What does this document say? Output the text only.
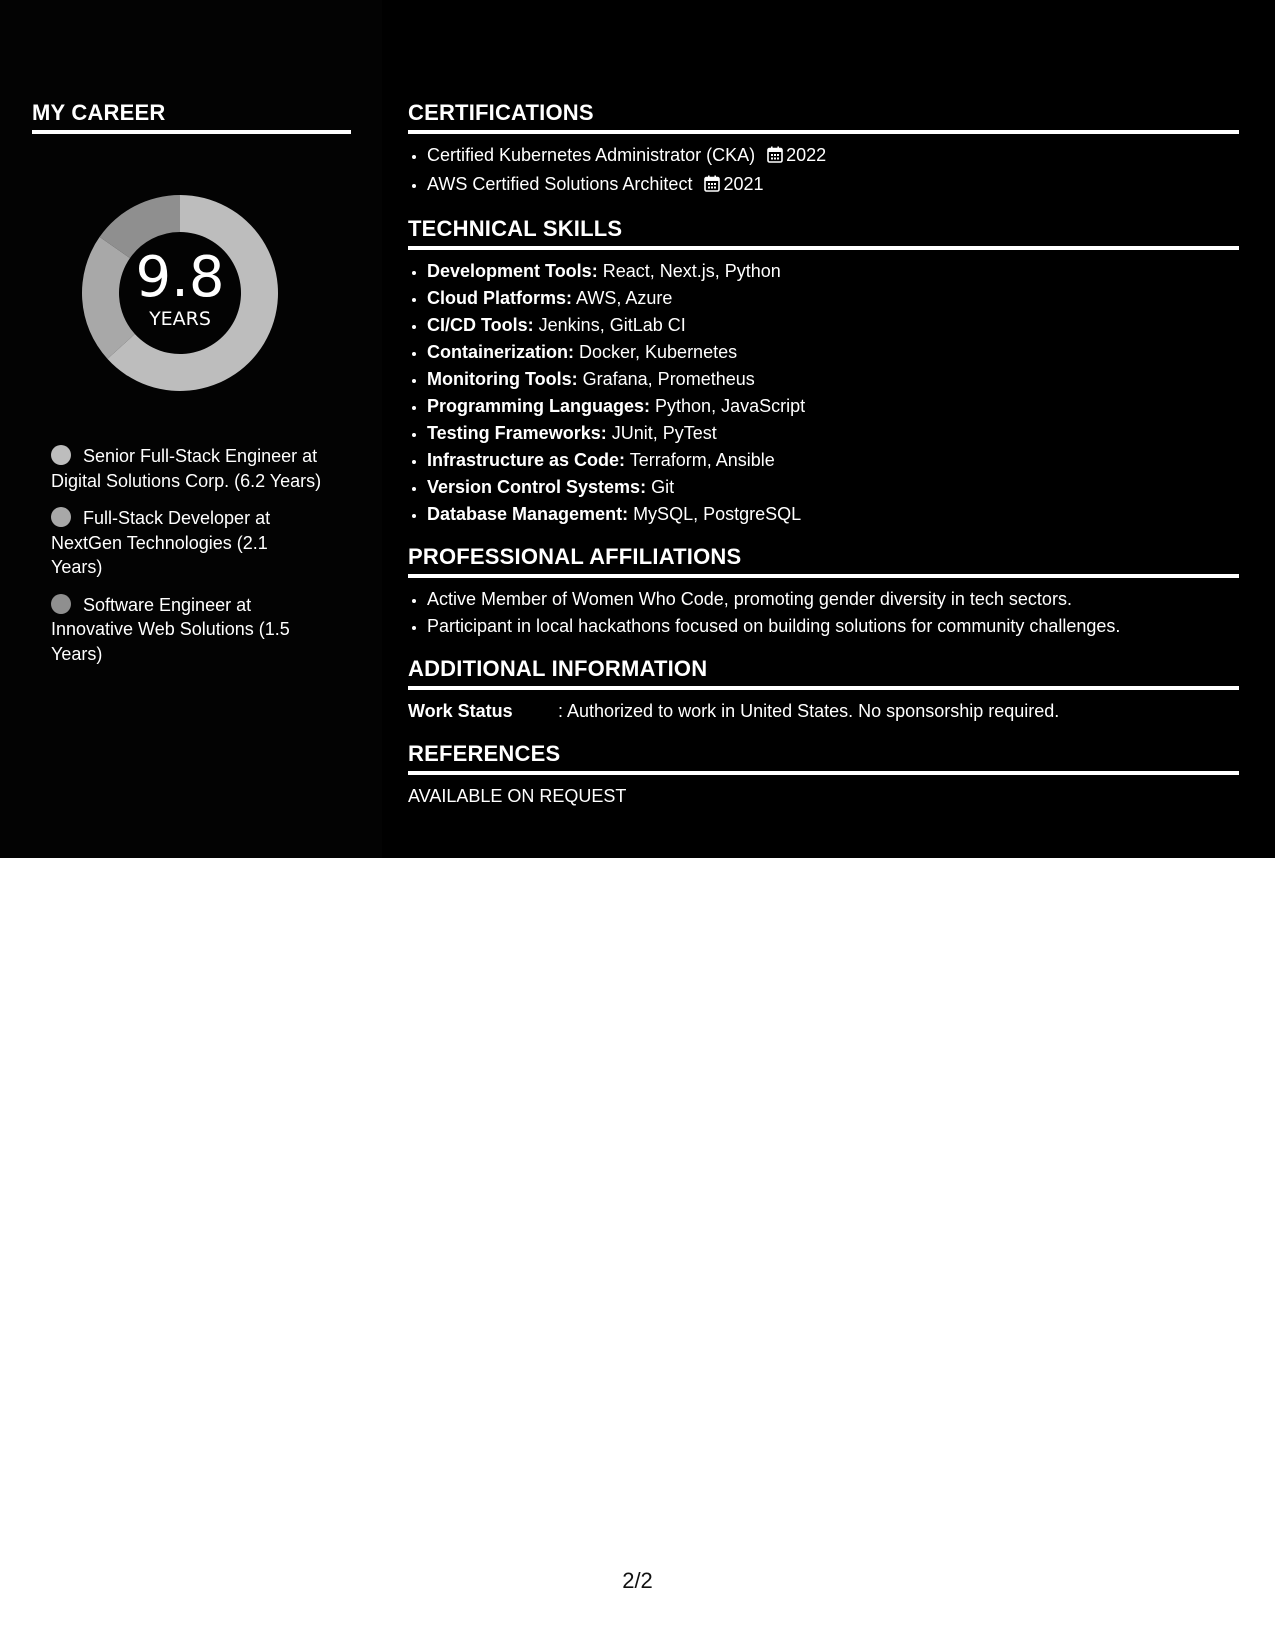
MY CAREER
9.8
YEARS
Senior Full-Stack Engineer at Digital Solutions Corp. (6.2 Years)
Full-Stack Developer at NextGen Technologies (2.1 Years)
Software Engineer at Innovative Web Solutions (1.5 Years)
CERTIFICATIONS
• Certified Kubernetes Administrator (CKA) 2022
• AWS Certified Solutions Architect 2021
TECHNICAL SKILLS
• Development Tools: React, Next.js, Python
• Cloud Platforms: AWS, Azure
• CI/CD Tools: Jenkins, GitLab CI
• Containerization: Docker, Kubernetes
• Monitoring Tools: Grafana, Prometheus
• Programming Languages: Python, JavaScript
• Testing Frameworks: JUnit, PyTest
• Infrastructure as Code: Terraform, Ansible
• Version Control Systems: Git
• Database Management: MySQL, PostgreSQL
PROFESSIONAL AFFILIATIONS
• Active Member of Women Who Code, promoting gender diversity in tech sectors.
• Participant in local hackathons focused on building solutions for community challenges.
ADDITIONAL INFORMATION
Work Status	: Authorized to work in United States. No sponsorship required.
REFERENCES
AVAILABLE ON REQUEST
2/2
